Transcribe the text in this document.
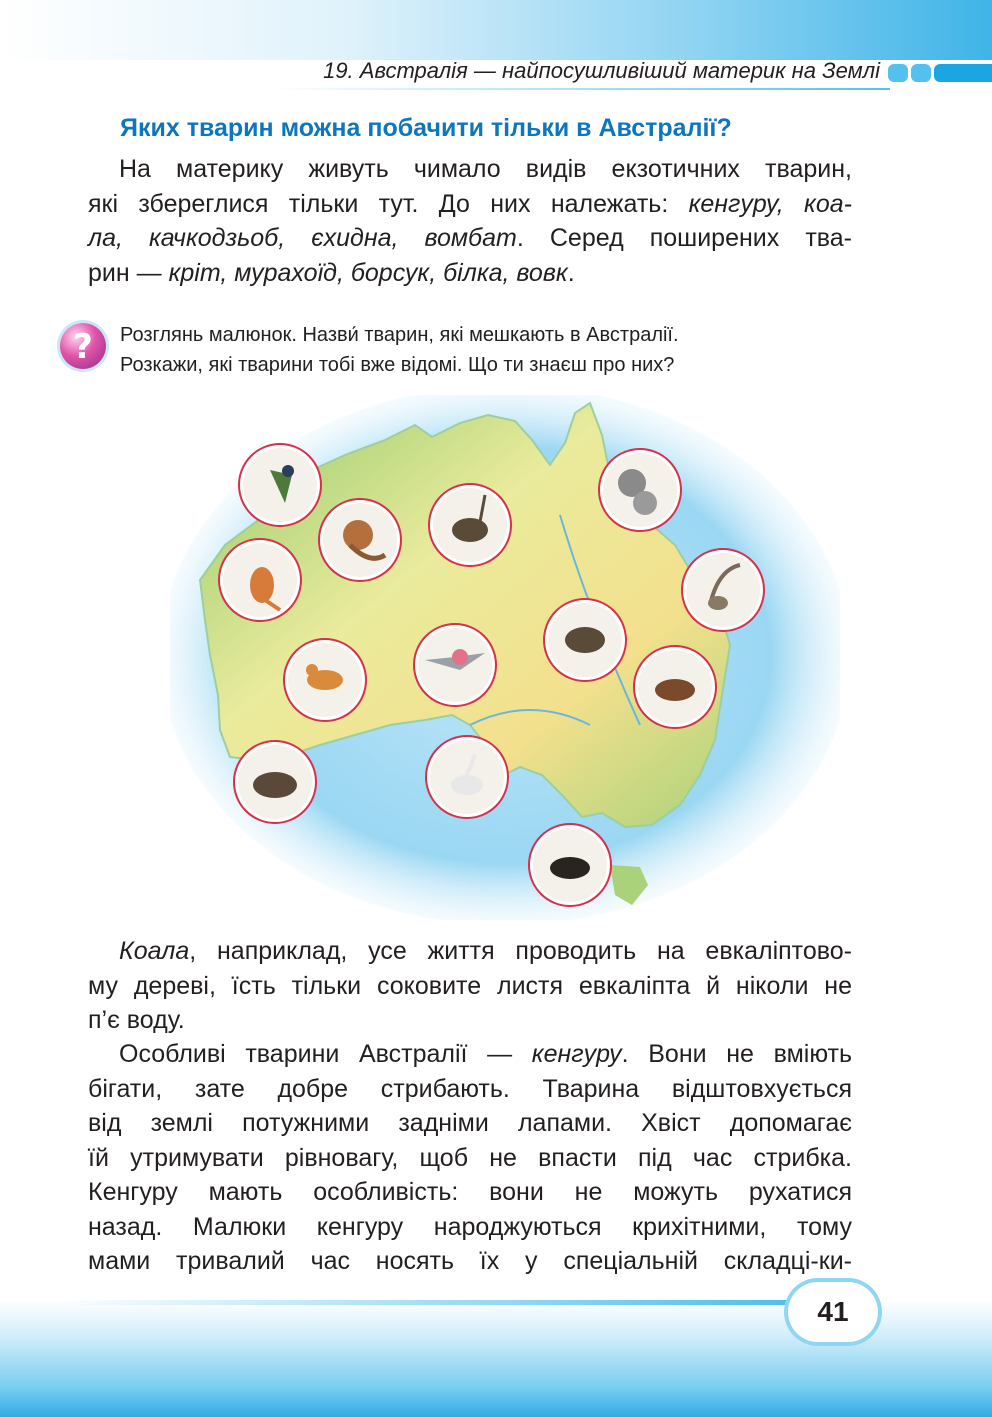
19. Австралія — найпосушливіший материк на Землі
Яких тварин можна побачити тільки в Австралії?
На материку живуть чимало видів екзотичних тварин,
які збереглися тільки тут. До них належать: кенгуру, коа-
ла, качкодзьоб, єхидна, вомбат. Серед поширених тва-
рин — кріт, мурахоїд, борсук, білка, вовк.
?	Розглянь малюнок. Назви́ тварин, які мешкають в Австралії.
Розкажи, які тварини тобі вже відомі. Що ти знаєш про них?
Коала, наприклад, усе життя проводить на евкаліптово-
му дереві, їсть тільки соковите листя евкаліпта й ніколи не
п’є воду.
Особливі тварини Австралії — кенгуру. Вони не вміють
бігати, зате добре стрибають. Тварина відштовхується
від землі потужними задніми лапами. Хвіст допомагає
їй утримувати рівновагу, щоб не впасти під час стрибка.
Кенгуру мають особливість: вони не можуть рухатися
назад. Малюки кенгуру народжуються крихітними, тому
мами тривалий час носять їх у спеціальній складці-ки-
41
